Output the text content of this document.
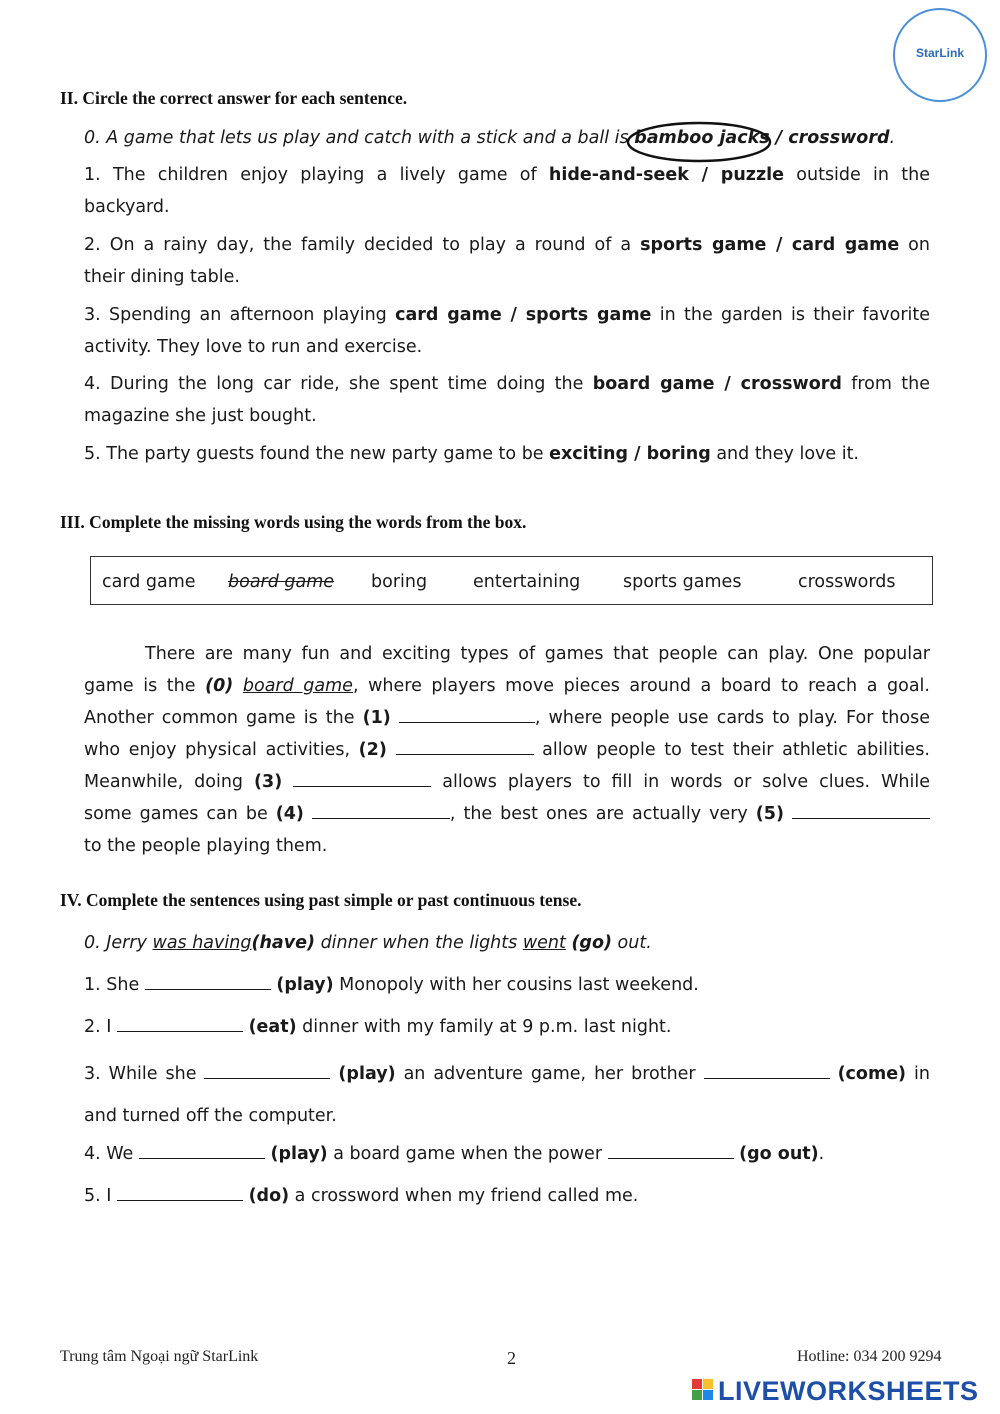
StarLink
II. Circle the correct answer for each sentence.
0. A game that lets us play and catch with a stick and a ball is bamboo jacks
/ crossword.
1. The children enjoy playing a lively game of hide-and-seek / puzzle outside in the
backyard.
2. On a rainy day, the family decided to play a round of a sports game / card game on
their dining table.
3. Spending an afternoon playing card game / sports game in the garden is their favorite
activity. They love to run and exercise.
4. During the long car ride, she spent time doing the board game / crossword from the
magazine she just bought.
5. The party guests found the new party game to be exciting / boring and they love it.
III. Complete the missing words using the words from the box.
card game board game boring	entertaining sports games	crosswords
There are many fun and exciting types of games that people can play. One popular
game is the (0) board game, where players move pieces around a board to reach a goal.
Another common game is the (1)	, where people use cards to play. For those
who enjoy physical activities, (2)	allow people to test their athletic abilities.
Meanwhile, doing (3)	allows players to fill in words or solve clues. While
some games can be (4)	, the best ones are actually very (5)
to the people playing them.
IV. Complete the sentences using past simple or past continuous tense.
0. Jerry was having(have) dinner when the lights went (go) out.
1. She	(play) Monopoly with her cousins last weekend.
2. I	(eat) dinner with my family at 9 p.m. last night.
3. While she	(play) an adventure game, her brother	(come) in
and turned off the computer.
4. We	(play) a board game when the power	(go out).
5. I	(do) a crossword when my friend called me.
Trung tâm Ngoại ngữ StarLink	2	Hotline: 034 200 9294
LIVEWORKSHEETS
